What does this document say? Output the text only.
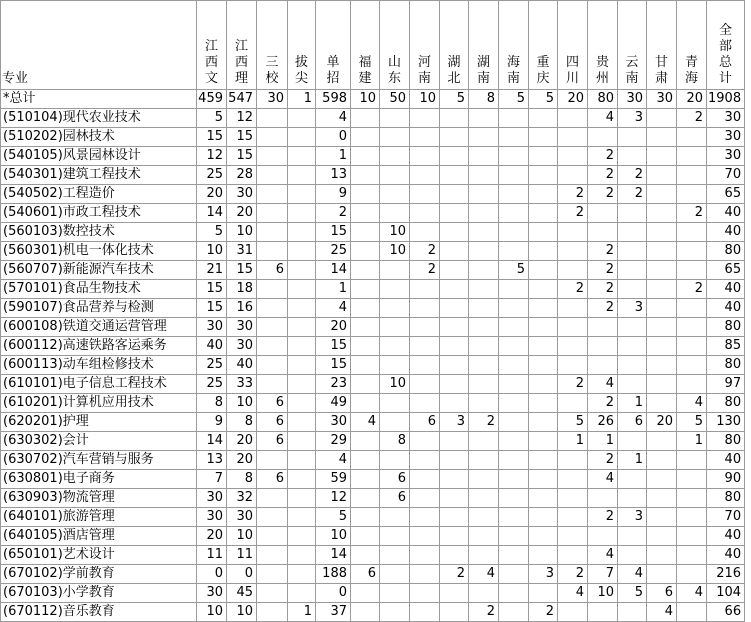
专业	江西文	江西理	三校	拔尖	单招	福建	山东	河南	湖北	湖南	海南	重庆	四川	贵州	云南	甘肃	青海	全部总计
*总计	459	547	30	1	598	10	50	10	5	8	5	5	20	80	30	30	20	1908
(510104)现代农业技术	5	12			4									4	3		2	30
(510202)园林技术	15	15			0													30
(540105)风景园林设计	12	15			1									2				30
(540301)建筑工程技术	25	28			13									2	2			70
(540502)工程造价	20	30			9								2	2	2			65
(540601)市政工程技术	14	20			2								2				2	40
(560103)数控技术	5	10			15		10											40
(560301)机电一体化技术	10	31			25		10	2						2				80
(560707)新能源汽车技术	21	15	6		14			2			5			2				65
(570101)食品生物技术	15	18			1								2	2			2	40
(590107)食品营养与检测	15	16			4									2	3			40
(600108)铁道交通运营管理	30	30			20													80
(600112)高速铁路客运乘务	40	30			15													85
(600113)动车组检修技术	25	40			15													80
(610101)电子信息工程技术	25	33			23		10						2	4				97
(610201)计算机应用技术	8	10	6		49									2	1		4	80
(620201)护理	9	8	6		30	4		6	3	2			5	26	6	20	5	130
(630302)会计	14	20	6		29		8						1	1			1	80
(630702)汽车营销与服务	13	20			4									2	1			40
(630801)电子商务	7	8	6		59		6							4				90
(630903)物流管理	30	32			12		6											80
(640101)旅游管理	30	30			5									2	3			70
(640105)酒店管理	20	10			10													40
(650101)艺术设计	11	11			14									4				40
(670102)学前教育	0	0			188	6			2	4		3	2	7	4			216
(670103)小学教育	30	45			0								4	10	5	6	4	104
(670112)音乐教育	10	10		1	37					2		2				4		66
